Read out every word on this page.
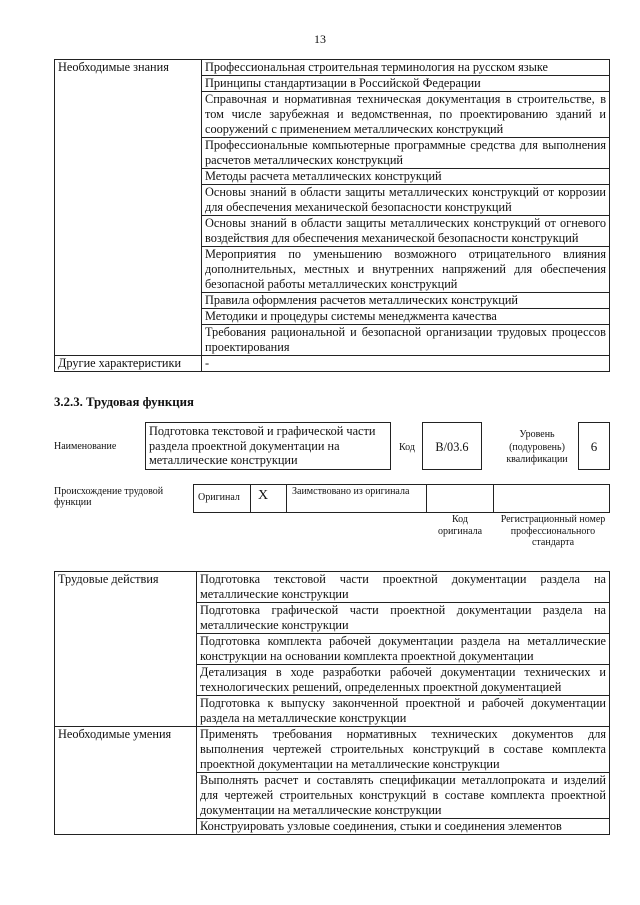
13
Необходимые знания	Профессиональная строительная терминология на русском языке
	Принципы стандартизации в Российской Федерации
	Справочная и нормативная техническая документация в строительстве, в том числе зарубежная и ведомственная, по проектированию зданий и сооружений с применением металлических конструкций
	Профессиональные компьютерные программные средства для выполнения расчетов металлических конструкций
	Методы расчета металлических конструкций
	Основы знаний в области защиты металлических конструкций от коррозии для обеспечения механической безопасности конструкций
	Основы знаний в области защиты металлических конструкций от огневого воздействия для обеспечения механической безопасности конструкций
	Мероприятия по уменьшению возможного отрицательного влияния дополнительных, местных и внутренних напряжений для обеспечения безопасной работы металлических конструкций
	Правила оформления расчетов металлических конструкций
	Методики и процедуры системы менеджмента качества
	Требования рациональной и безопасной организации трудовых процессов проектирования
Другие характеристики	-
3.2.3. Трудовая функция
Наименование
Подготовка текстовой и графической части раздела проектной документации на металлические конструкции
Код	B/03.6
Уровень (подуровень) квалификации
6
Происхождение трудовой функции	Оригинал X Заимствовано из оригинала
Код оригинала
Регистрационный номер профессионального стандарта
Трудовые действия	Подготовка текстовой части проектной документации раздела на металлические конструкции
	Подготовка графической части проектной документации раздела на металлические конструкции
	Подготовка комплекта рабочей документации раздела на металлические конструкции на основании комплекта проектной документации
	Детализация в ходе разработки рабочей документации технических и технологических решений, определенных проектной документацией
	Подготовка к выпуску законченной проектной и рабочей документации раздела на металлические конструкции
Необходимые умения	Применять требования нормативных технических документов для выполнения чертежей строительных конструкций в составе комплекта проектной документации на металлические конструкции
	Выполнять расчет и составлять спецификации металлопроката и изделий для чертежей строительных конструкций в составе комплекта проектной документации на металлические конструкции
	Конструировать узловые соединения, стыки и соединения элементов
